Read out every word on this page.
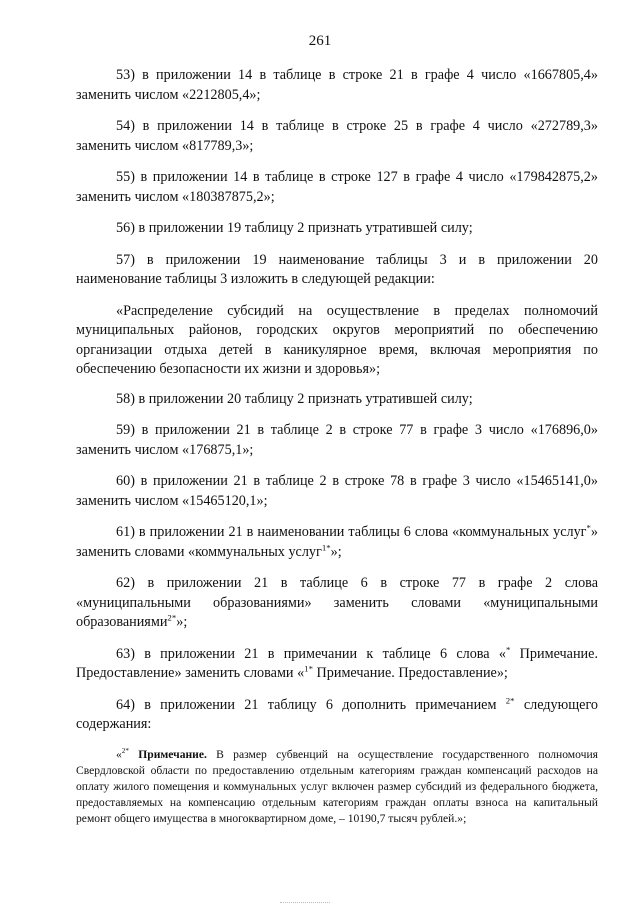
261

53) в приложении 14 в таблице в строке 21 в графе 4 число «1667805,4» заменить числом «2212805,4»;

54) в приложении 14 в таблице в строке 25 в графе 4 число «272789,3» заменить числом «817789,3»;

55) в приложении 14 в таблице в строке 127 в графе 4 число «179842875,2» заменить числом «180387875,2»;

56) в приложении 19 таблицу 2 признать утратившей силу;

57) в приложении 19 наименование таблицы 3 и в приложении 20 наименование таблицы 3 изложить в следующей редакции:

«Распределение субсидий на осуществление в пределах полномочий муниципальных районов, городских округов мероприятий по обеспечению организации отдыха детей в каникулярное время, включая мероприятия по обеспечению безопасности их жизни и здоровья»;

58) в приложении 20 таблицу 2 признать утратившей силу;

59) в приложении 21 в таблице 2 в строке 77 в графе 3 число «176896,0» заменить числом «176875,1»;

60) в приложении 21 в таблице 2 в строке 78 в графе 3 число «15465141,0» заменить числом «15465120,1»;

61) в приложении 21 в наименовании таблицы 6 слова «коммунальных услуг*» заменить словами «коммунальных услуг$^{1*}$»;

62) в приложении 21 в таблице 6 в строке 77 в графе 2 слова «муниципальными образованиями» заменить словами «муниципальными образованиями$^{2*}$»;

63) в приложении 21 в примечании к таблице 6 слова «* Примечание. Предоставление» заменить словами «$^{1*}$ Примечание. Предоставление»;

64) в приложении 21 таблицу 6 дополнить примечанием $^{2*}$ следующего содержания:

«$^{2*}$ Примечание. В размер субвенций на осуществление государственного полномочия Свердловской области по предоставлению отдельным категориям граждан компенсаций расходов на оплату жилого помещения и коммунальных услуг включен размер субсидий из федерального бюджета, предоставляемых на компенсацию отдельным категориям граждан оплаты взноса на капитальный ремонт общего имущества в многоквартирном доме, – 10190,7 тысяч рублей.»;
